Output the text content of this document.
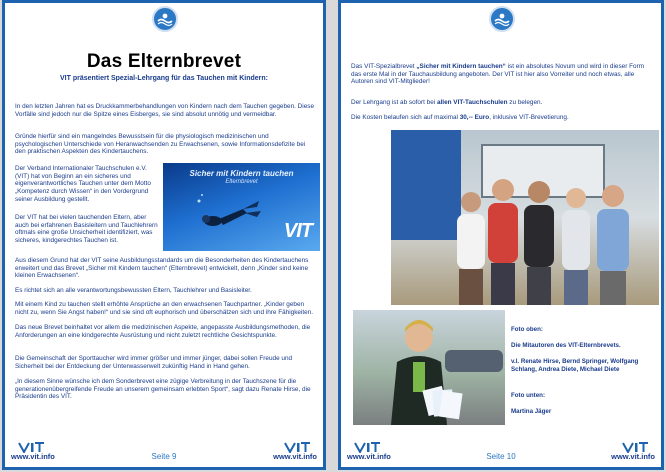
Das Elternbrevet
VIT präsentiert Spezial-Lehrgang für das Tauchen mit Kindern:

In den letzten Jahren hat es Druckkammerbehandlungen von Kindern nach dem Tauchen gegeben. Diese Vorfälle sind jedoch nur die Spitze eines Eisberges, sie sind absolut unnötig und vermeidbar.

Gründe hierfür sind ein mangelndes Bewusstsein für die physiologisch medizinischen und psychologischen Unterschiede von Heranwachsenden zu Erwachsenen, sowie Informationsdefizite bei den praktischen Aspekten des Kindertauchens.

Der Verband Internationaler Tauchschulen e.V. (VIT) hat von Beginn an ein sicheres und eigenverantwortliches Tauchen unter dem Motto „Kompetenz durch Wissen“ in den Vordergrund seiner Ausbildung gestellt.

Der VIT hat bei vielen tauchenden Eltern, aber auch bei erfahrenen Basisleitern und Tauchlehrern oftmals eine große Unsicherheit identifiziert, was sicheres, kindgerechtes Tauchen ist.

Sicher mit Kindern tauchen
Elternbrevet
VIT

Aus diesem Grund hat der VIT seine Ausbildungsstandards um die Besonderheiten des Kindertauchens erweitert und das Brevet „Sicher mit Kindern tauchen“ (Elternbrevet) entwickelt, denn „Kinder sind keine kleinen Erwachsenen“.

Es richtet sich an alle verantwortungsbewussten Eltern, Tauchlehrer und Basisleiter.

Mit einem Kind zu tauchen stellt erhöhte Ansprüche an den erwachsenen Tauchpartner. „Kinder geben nicht zu, wenn Sie Angst haben!“ und sie sind oft euphorisch und überschätzen sich und ihre Fähigkeiten.

Das neue Brevet beinhaltet vor allem die medizinischen Aspekte, angepasste Ausbildungsmethoden, die Anforderungen an eine kindgerechte Ausrüstung und nicht zuletzt rechtliche Gesichtspunkte.

Die Gemeinschaft der Sporttaucher wird immer größer und immer jünger, dabei sollen Freude und Sicherheit bei der Entdeckung der Unterwasserwelt zukünftig Hand in Hand gehen.

„In diesem Sinne wünsche ich dem Sonderbrevet eine zügige Verbreitung in der Tauchszene für die generationenübergreifende Freude an unserem gemeinsam erlebten Sport“, sagt dazu Renate Hirse, die Präsidentin des VIT.

www.vit.info	Seite 9	www.vit.info

Das VIT-Spezialbrevet „Sicher mit Kindern tauchen“ ist ein absolutes Novum und wird in dieser Form das erste Mal in der Tauchausbildung angeboten. Der VIT ist hier also Vorreiter und noch etwas, alle Autoren sind VIT-Mitglieder!

Der Lehrgang ist ab sofort bei allen VIT-Tauchschulen zu belegen.

Die Kosten belaufen sich auf maximal 30,-- Euro, inklusive VIT-Brevetierung.

Foto oben:
Die Mitautoren des VIT-Elternbrevets.
v.l. Renate Hirse, Bernd Springer, Wolfgang Schlang, Andrea Diete, Michael Diete
Foto unten:
Martina Jäger
www.vit.info	Seite 10	www.vit.info
